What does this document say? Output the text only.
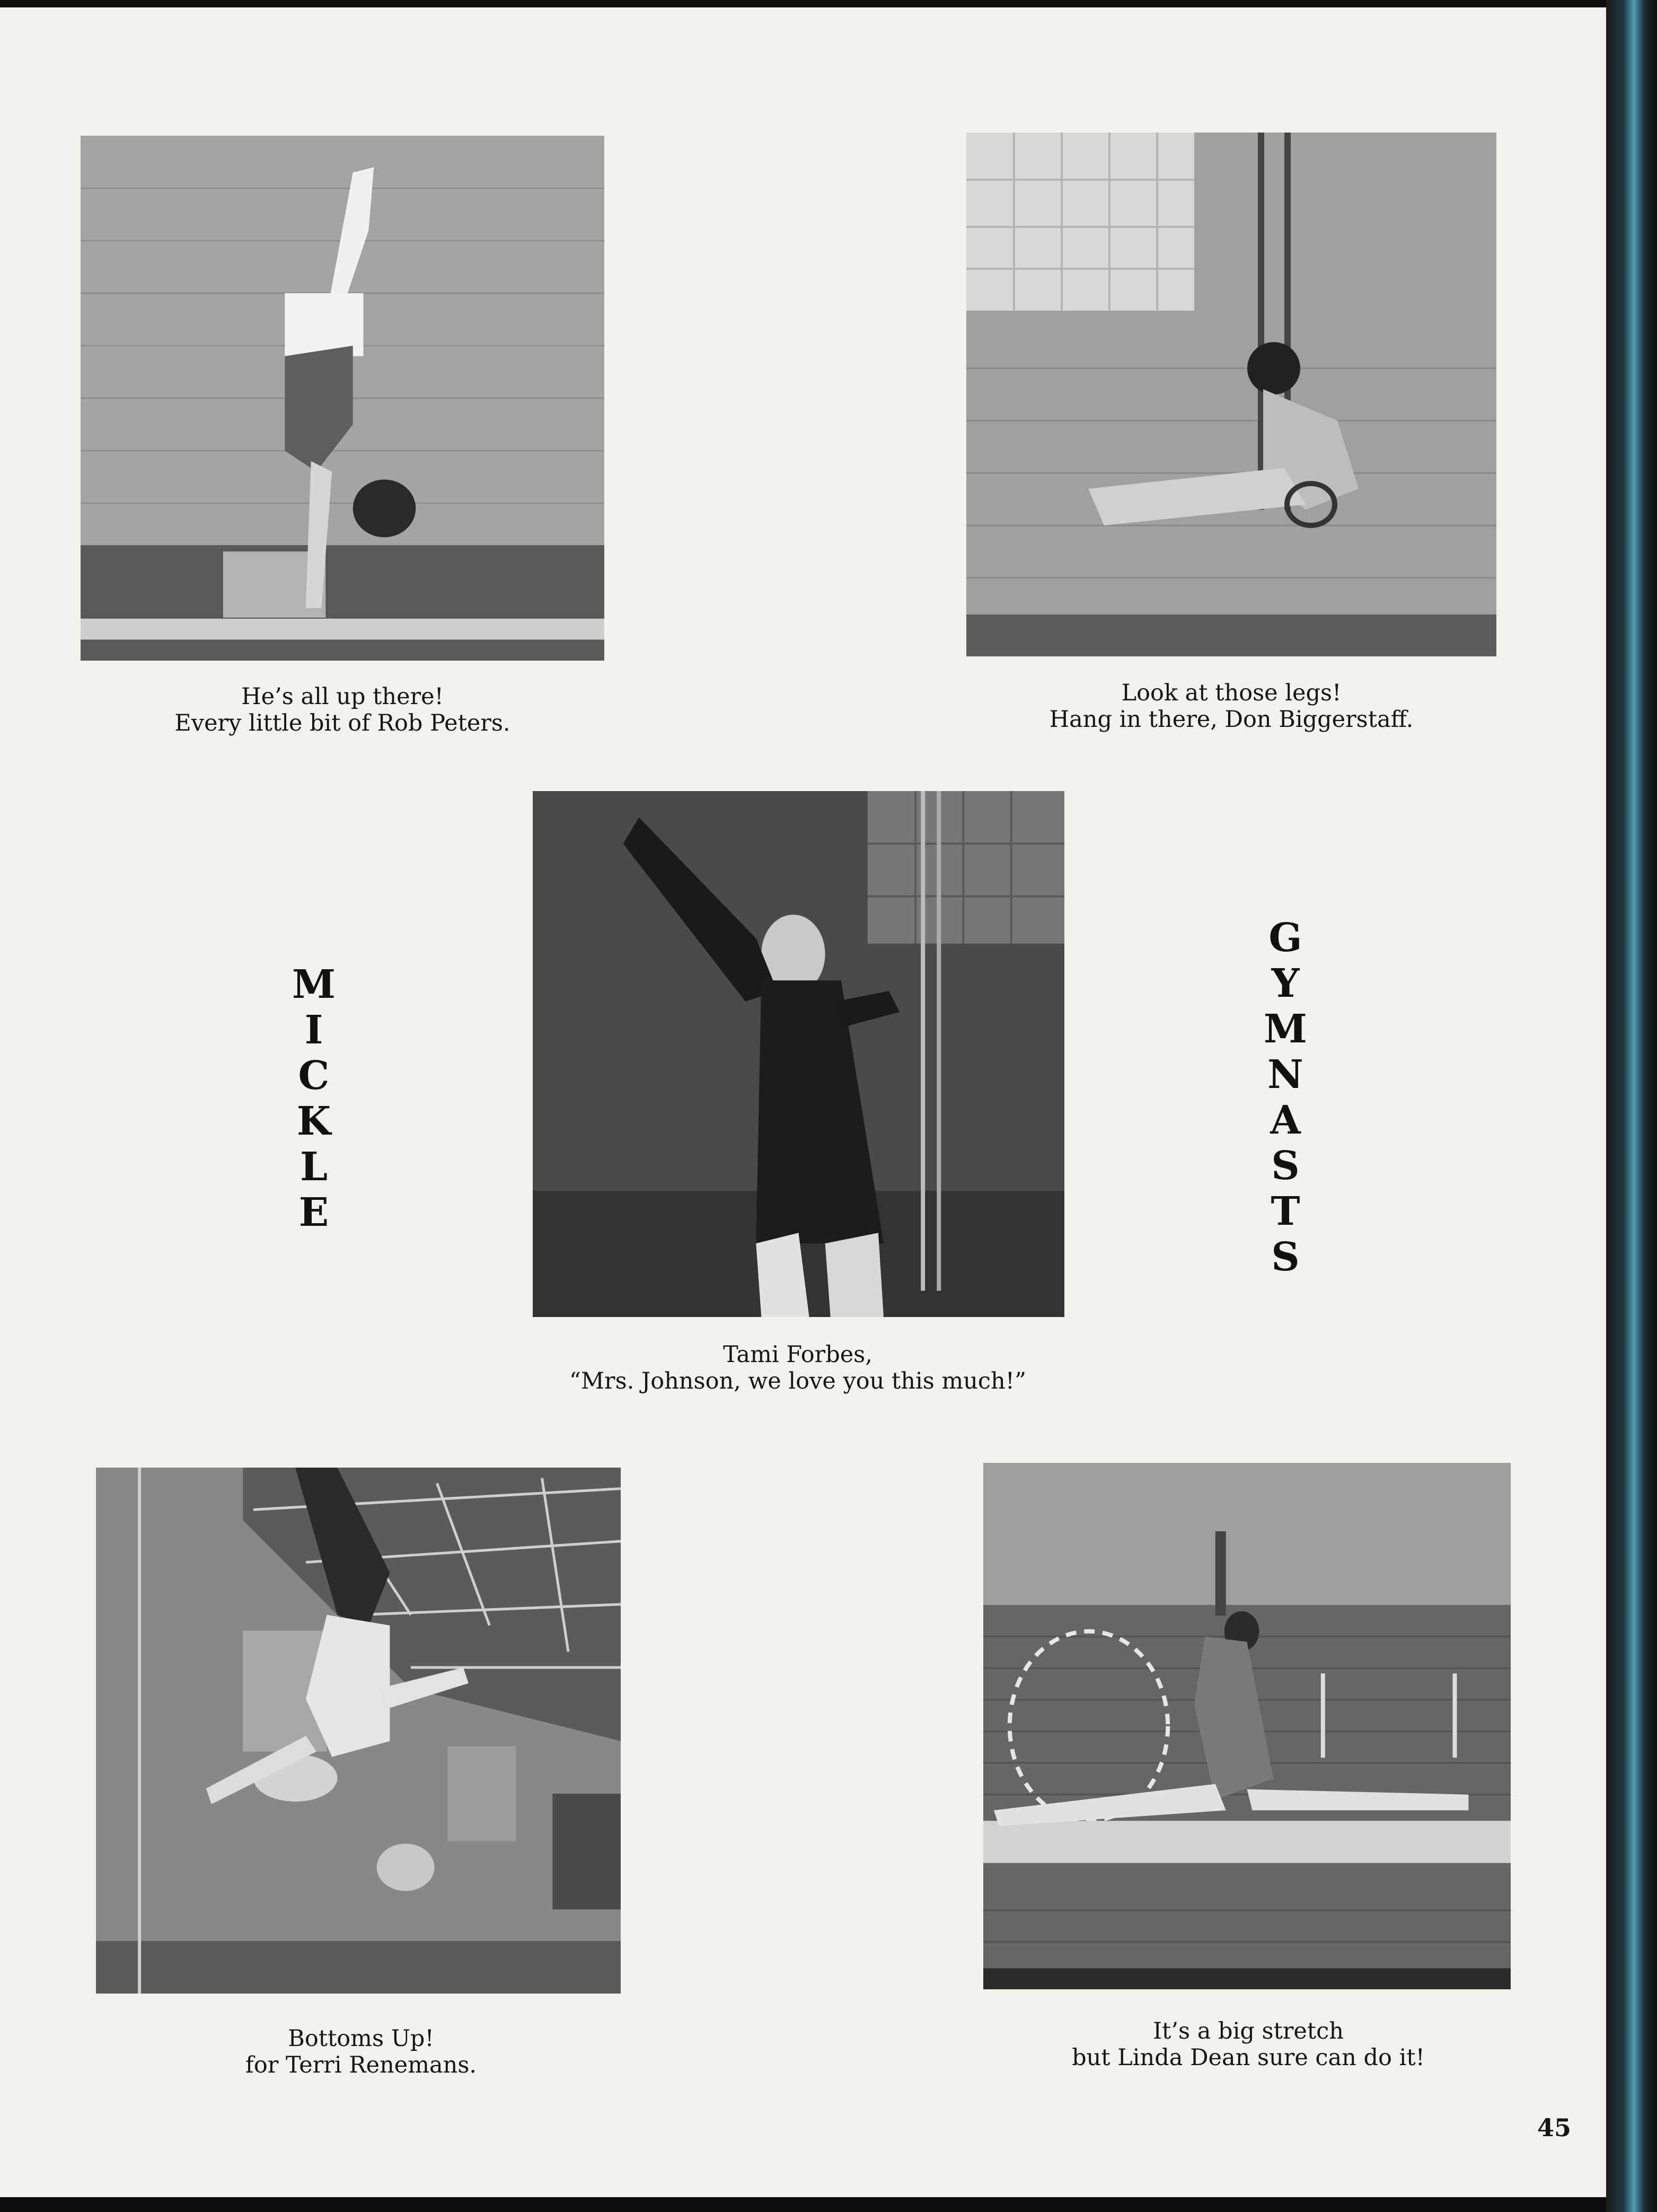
He’s all up there!
Every little bit of Rob Peters.
Look at those legs!
Hang in there, Don Biggerstaff.
M
I
C
K
L
E
Tami Forbes,
“Mrs. Johnson, we love you this much!”
G
Y
M
N
A
S
T
S
Bottoms Up!
for Terri Renemans.
It’s a big stretch
but Linda Dean sure can do it!
45
